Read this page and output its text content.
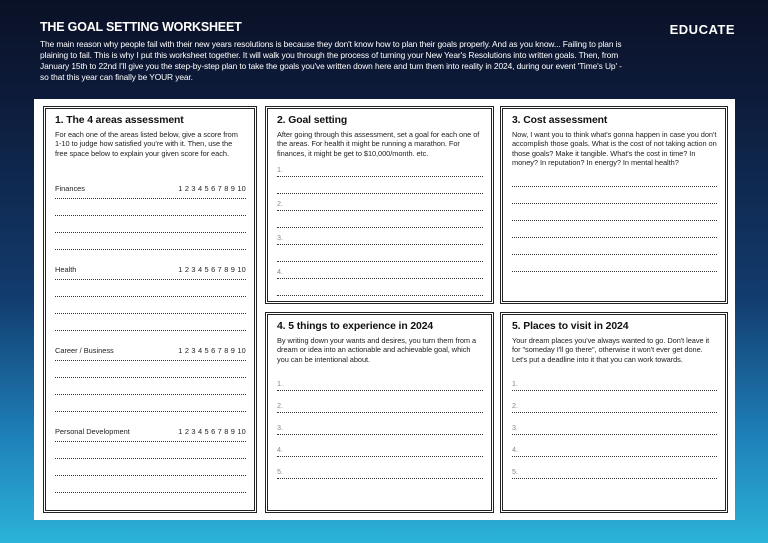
THE GOAL SETTING WORKSHEET	EDUCATE
The main reason why people fail with their new years resolutions is because they don't know how to plan their goals properly. And as you know... Failing to plan is plaining to fail. This is why I put this worksheet together. It will walk you through the process of turning your New Year's Resolutions into written goals. Then, from January 15th to 22nd I'll give you the step-by-step plan to take the goals you've written down here and turn them into reality in 2024, during our event 'Time's Up' - so that this year can finally be YOUR year.
1. The 4 areas assessment

For each one of the areas listed below, give a score from 1-10 to judge how satisfied you're with it. Then, use the free space below to explain your given score for each.

Finances	1 2 3 4 5 6 7 8 9 10
Health	1 2 3 4 5 6 7 8 9 10
Career / Business	1 2 3 4 5 6 7 8 9 10
Personal Development	1 2 3 4 5 6 7 8 9 10
2. Goal setting

After going through this assessment, set a goal for each one of the areas. For health it might be running a marathon. For finances, it might be get to $10,000/month. etc.

1.
2.
3.
4.
3. Cost assessment

Now, I want you to think what's gonna happen in case you don't accomplish those goals. What is the cost of not taking action on those goals? Make it tangible. What's the cost in time? In money? In reputation? In energy? In mental health?

4. 5 things to experience in 2024

By writing down your wants and desires, you turn them from a dream or idea into an actionable and achievable goal, which you can be intentional about.

1.
2.
3.
4.
5.
5. Places to visit in 2024

Your dream places you've always wanted to go. Don't leave it for "someday I'll go there", otherwise it won't ever get done. Let's put a deadline into it that you can work towards.

1.
2.
3.
4.
5.
